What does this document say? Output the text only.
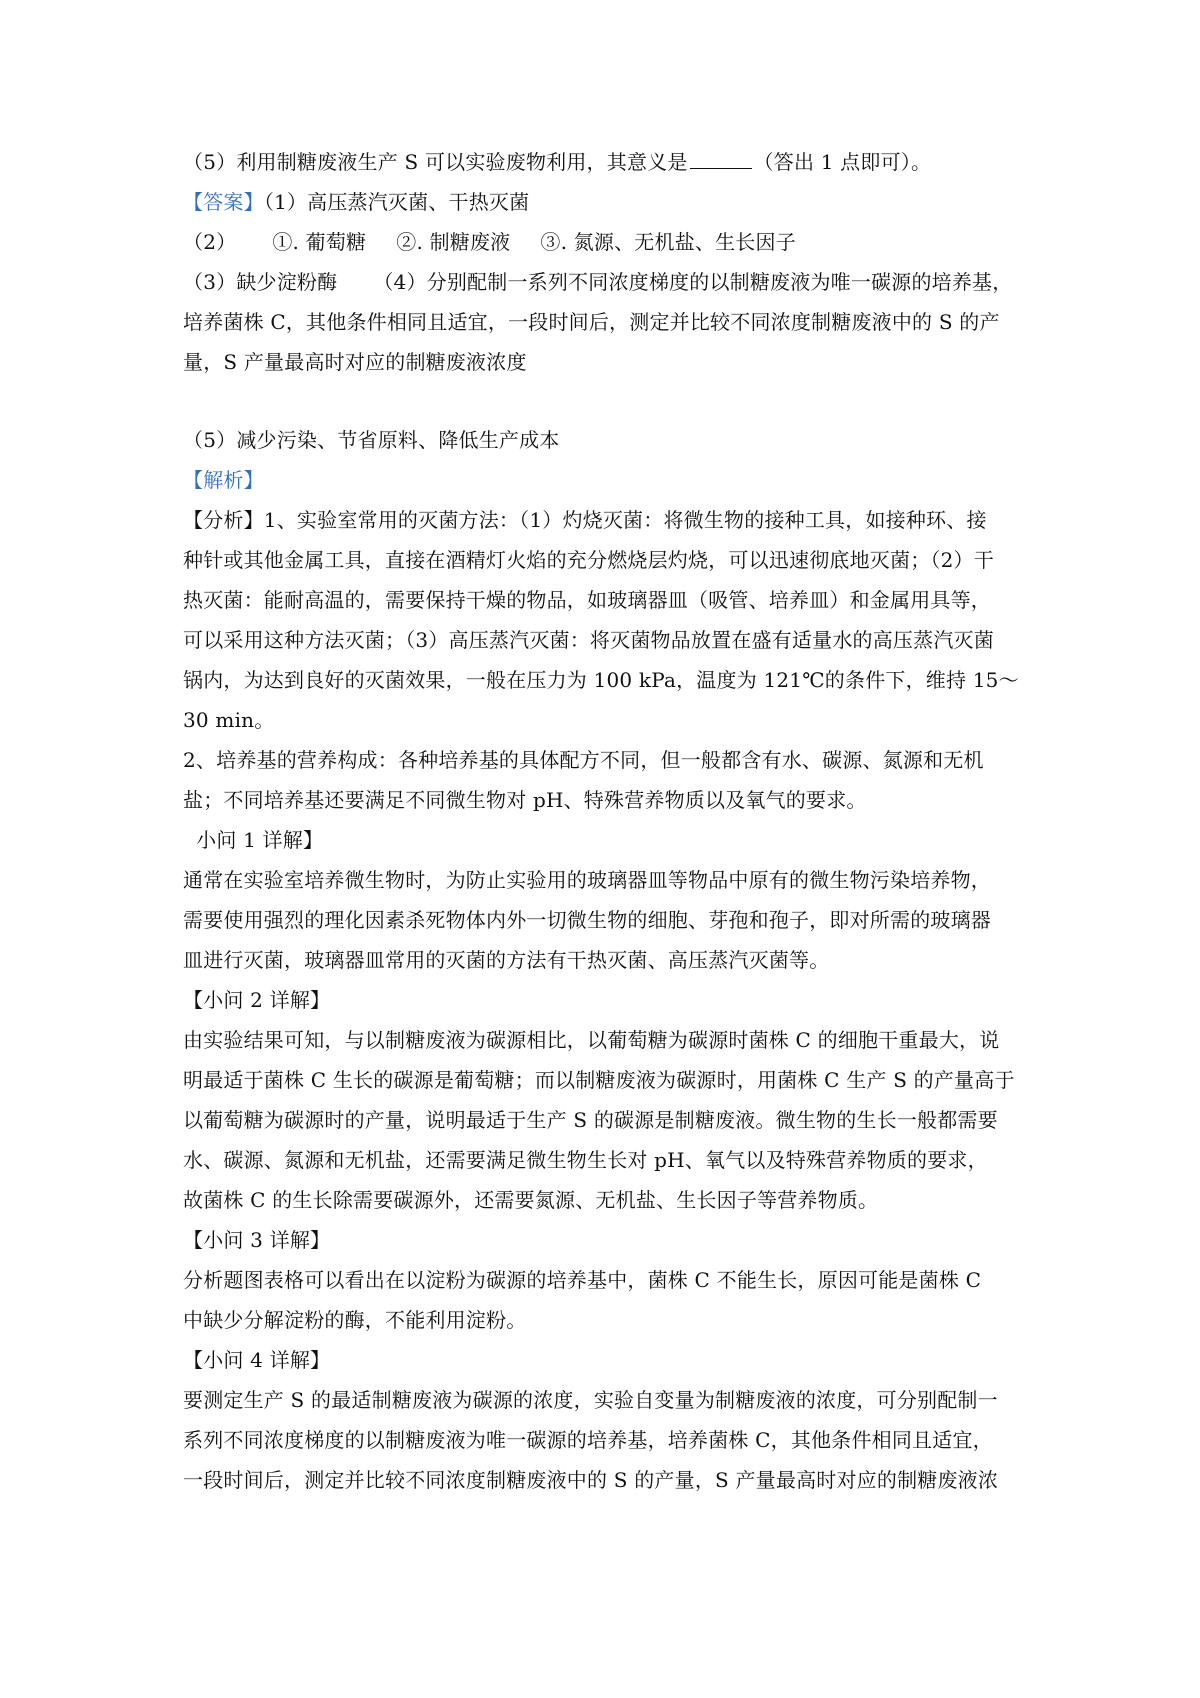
（5）利用制糖废液生产 S 可以实验废物利用，其意义是	（答出 1 点即可）。
【答案】（1）高压蒸汽灭菌、干热灭菌
（2） ①. 葡萄糖 ②. 制糖废液 ③. 氮源、无机盐、生长因子
（3）缺少淀粉酶 （4）分别配制一系列不同浓度梯度的以制糖废液为唯一碳源的培养基，
培养菌株 C，其他条件相同且适宜，一段时间后，测定并比较不同浓度制糖废液中的 S 的产
量，S 产量最高时对应的制糖废液浓度
（5）减少污染、节省原料、降低生产成本
【解析】
【分析】1、实验室常用的灭菌方法：（1）灼烧灭菌：将微生物的接种工具，如接种环、接
种针或其他金属工具，直接在酒精灯火焰的充分燃烧层灼烧，可以迅速彻底地灭菌；（2）干
热灭菌：能耐高温的，需要保持干燥的物品，如玻璃器皿（吸管、培养皿）和金属用具等，
可以采用这种方法灭菌；（3）高压蒸汽灭菌：将灭菌物品放置在盛有适量水的高压蒸汽灭菌
锅内，为达到良好的灭菌效果，一般在压力为 100 kPa，温度为 121℃的条件下，维持 15～
30 min。
2、培养基的营养构成：各种培养基的具体配方不同，但一般都含有水、碳源、氮源和无机
盐；不同培养基还要满足不同微生物对 pH、特殊营养物质以及氧气的要求。
小问 1 详解】
通常在实验室培养微生物时，为防止实验用的玻璃器皿等物品中原有的微生物污染培养物，
需要使用强烈的理化因素杀死物体内外一切微生物的细胞、芽孢和孢子，即对所需的玻璃器
皿进行灭菌，玻璃器皿常用的灭菌的方法有干热灭菌、高压蒸汽灭菌等。
【小问 2 详解】
由实验结果可知，与以制糖废液为碳源相比，以葡萄糖为碳源时菌株 C 的细胞干重最大，说
明最适于菌株 C 生长的碳源是葡萄糖；而以制糖废液为碳源时，用菌株 C 生产 S 的产量高于
以葡萄糖为碳源时的产量，说明最适于生产 S 的碳源是制糖废液。微生物的生长一般都需要
水、碳源、氮源和无机盐，还需要满足微生物生长对 pH、氧气以及特殊营养物质的要求，
故菌株 C 的生长除需要碳源外，还需要氮源、无机盐、生长因子等营养物质。
【小问 3 详解】
分析题图表格可以看出在以淀粉为碳源的培养基中，菌株 C 不能生长，原因可能是菌株 C
中缺少分解淀粉的酶，不能利用淀粉。
【小问 4 详解】
要测定生产 S 的最适制糖废液为碳源的浓度，实验自变量为制糖废液的浓度，可分别配制一
系列不同浓度梯度的以制糖废液为唯一碳源的培养基，培养菌株 C，其他条件相同且适宜，
一段时间后，测定并比较不同浓度制糖废液中的 S 的产量，S 产量最高时对应的制糖废液浓
